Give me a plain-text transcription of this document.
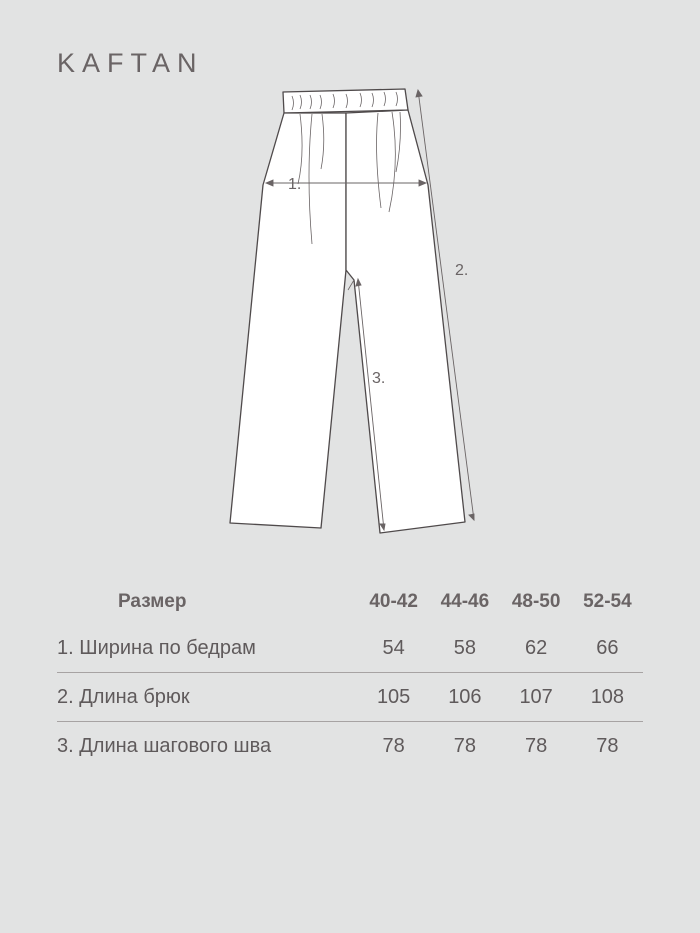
KAFTAN
1.
2.
3.
Размер	40-42	44-46	48-50	52-54
1. Ширина по бедрам	54	58	62	66
2. Длина брюк	105	106	107	108
3. Длина шагового шва	78	78	78	78
